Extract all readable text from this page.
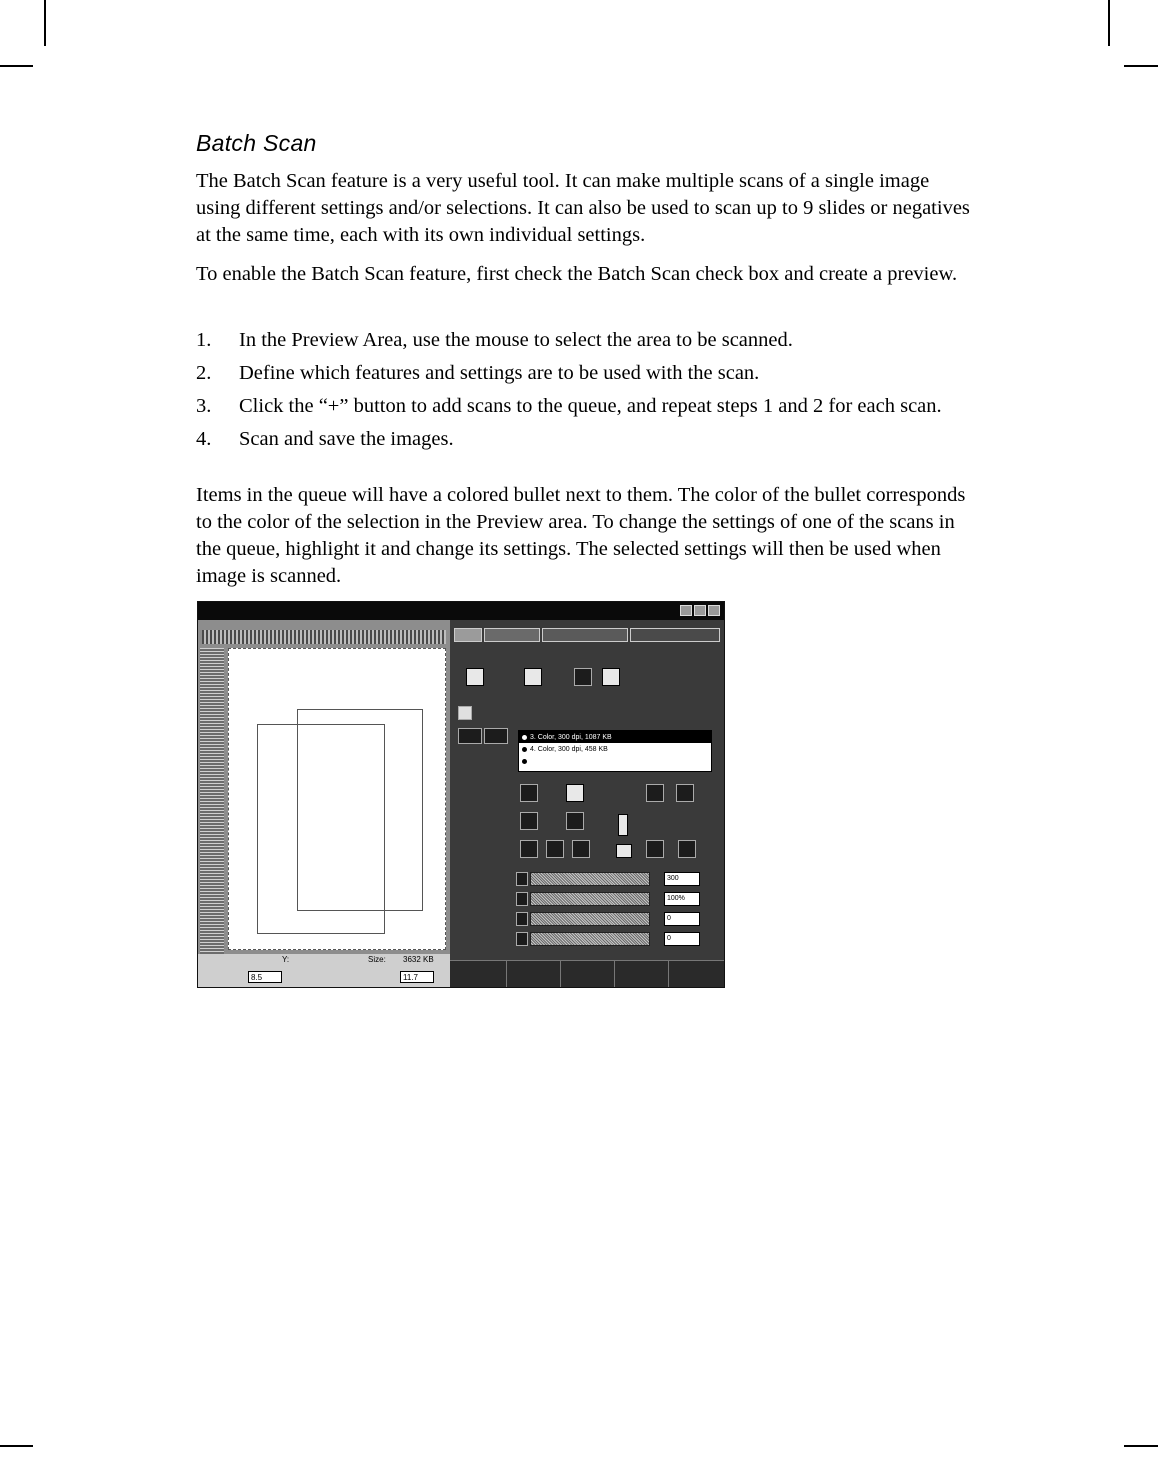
Batch Scan

The Batch Scan feature is a very useful tool. It can make multiple scans of a single image using different settings and/or selections. It can also be used to scan up to 9 slides or negatives at the same time, each with its own individual settings.

To enable the Batch Scan feature, first check the Batch Scan check box and create a preview.

1.	In the Preview Area, use the mouse to select the area to be scanned.
2.	Define which features and settings are to be used with the scan.
3.	Click the “+” button to add scans to the queue, and repeat steps 1 and 2 for each scan.
4.	Scan and save the images.

Items in the queue will have a colored bullet next to them. The color of the bullet corresponds to the color of the selection in the Preview area. To change the settings of one of the scans in the queue, highlight it and change its settings. The selected settings will then be used when image is scanned.

Y:	Size: 3632 KB
8.5	11.7
3. Color, 300 dpi, 1087 KB
4. Color, 300 dpi, 458 KB
300
100%
0
0
